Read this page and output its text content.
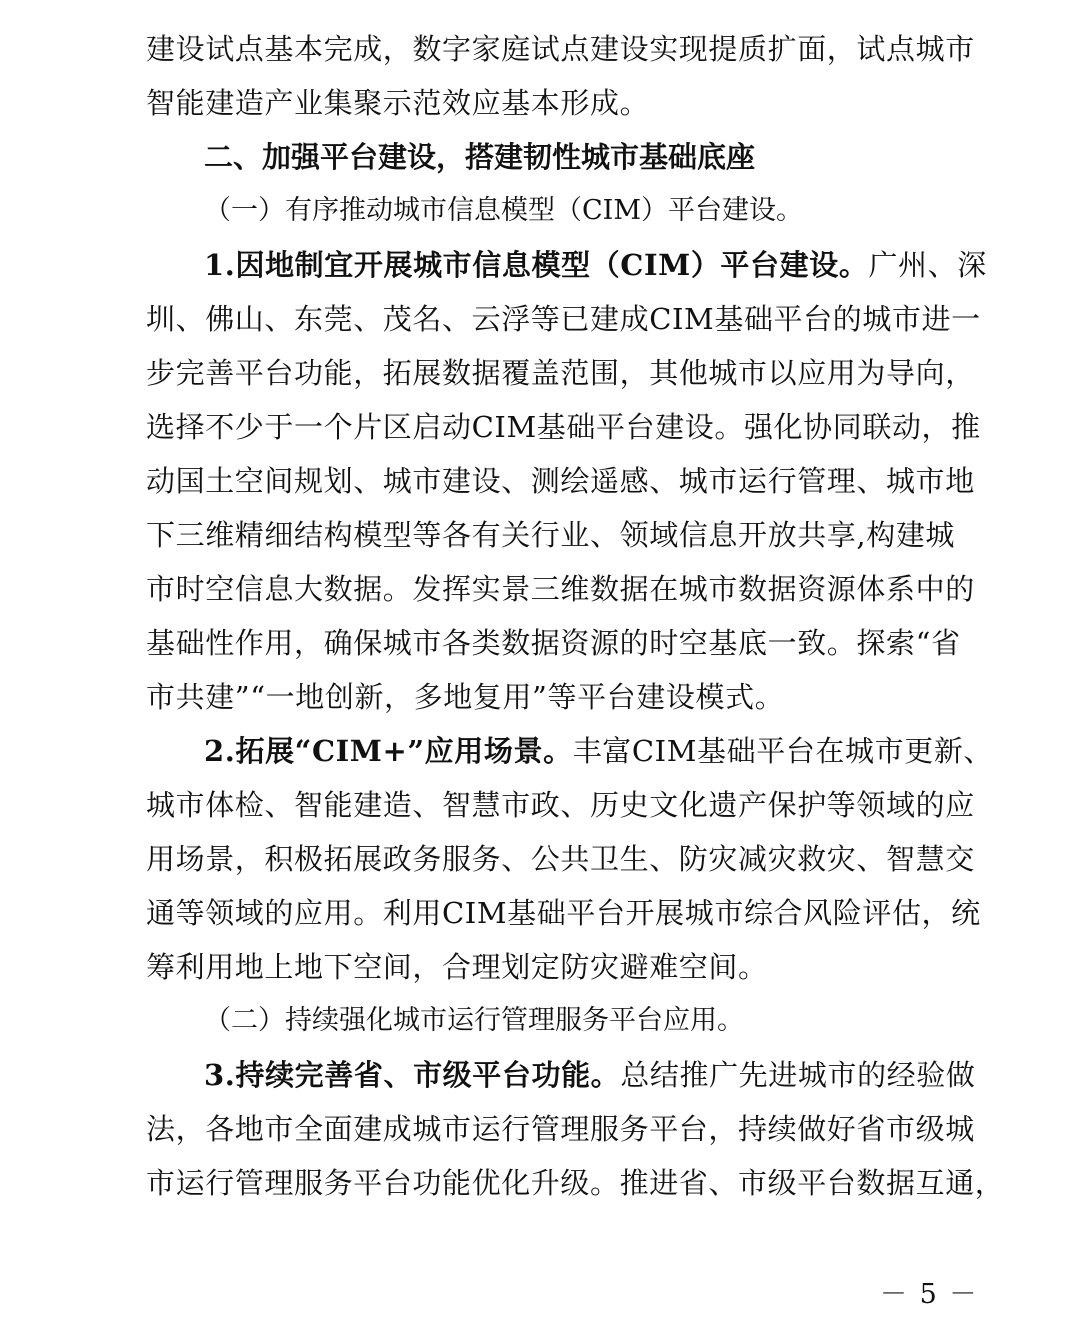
建设试点基本完成，数字家庭试点建设实现提质扩面，试点城市
智能建造产业集聚示范效应基本形成。
二、加强平台建设，搭建韧性城市基础底座
（一）有序推动城市信息模型（CIM）平台建设。
1.因地制宜开展城市信息模型（CIM）平台建设。广州、深
圳、佛山、东莞、茂名、云浮等已建成CIM基础平台的城市进一
步完善平台功能，拓展数据覆盖范围，其他城市以应用为导向，
选择不少于一个片区启动CIM基础平台建设。强化协同联动，推
动国土空间规划、城市建设、测绘遥感、城市运行管理、城市地
下三维精细结构模型等各有关行业、领域信息开放共享,构建城
市时空信息大数据。发挥实景三维数据在城市数据资源体系中的
基础性作用，确保城市各类数据资源的时空基底一致。探索“省
市共建”“一地创新，多地复用”等平台建设模式。
2.拓展“CIM+”应用场景。丰富CIM基础平台在城市更新、
城市体检、智能建造、智慧市政、历史文化遗产保护等领域的应
用场景，积极拓展政务服务、公共卫生、防灾减灾救灾、智慧交
通等领域的应用。利用CIM基础平台开展城市综合风险评估，统
筹利用地上地下空间，合理划定防灾避难空间。
（二）持续强化城市运行管理服务平台应用。
3.持续完善省、市级平台功能。总结推广先进城市的经验做
法，各地市全面建成城市运行管理服务平台，持续做好省市级城
市运行管理服务平台功能优化升级。推进省、市级平台数据互通，
－ 5 －
